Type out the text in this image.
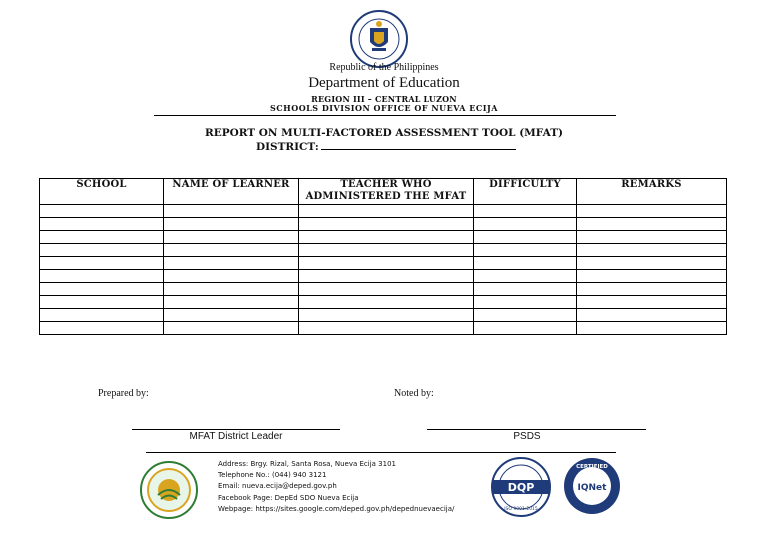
Republic of the Philippines
Department of Education
REGION III – CENTRAL LUZON
SCHOOLS DIVISION OFFICE OF NUEVA ECIJA
REPORT ON MULTI-FACTORED ASSESSMENT TOOL (MFAT)
DISTRICT:
SCHOOL	NAME OF LEARNER	TEACHER WHO ADMINISTERED THE MFAT	DIFFICULTY	REMARKS

Prepared by:	Noted by:
MFAT District Leader	PSDS
Address: Brgy. Rizal, Santa Rosa, Nueva Ecija 3101
Telephone No.: (044) 940 3121
Email: nueva.ecija@deped.gov.ph
Facebook Page: DepEd SDO Nueva Ecija
Webpage: https://sites.google.com/deped.gov.ph/depednuevaecija/
DQP
ISO 9001:2015
CERTIFIED
IQNet
